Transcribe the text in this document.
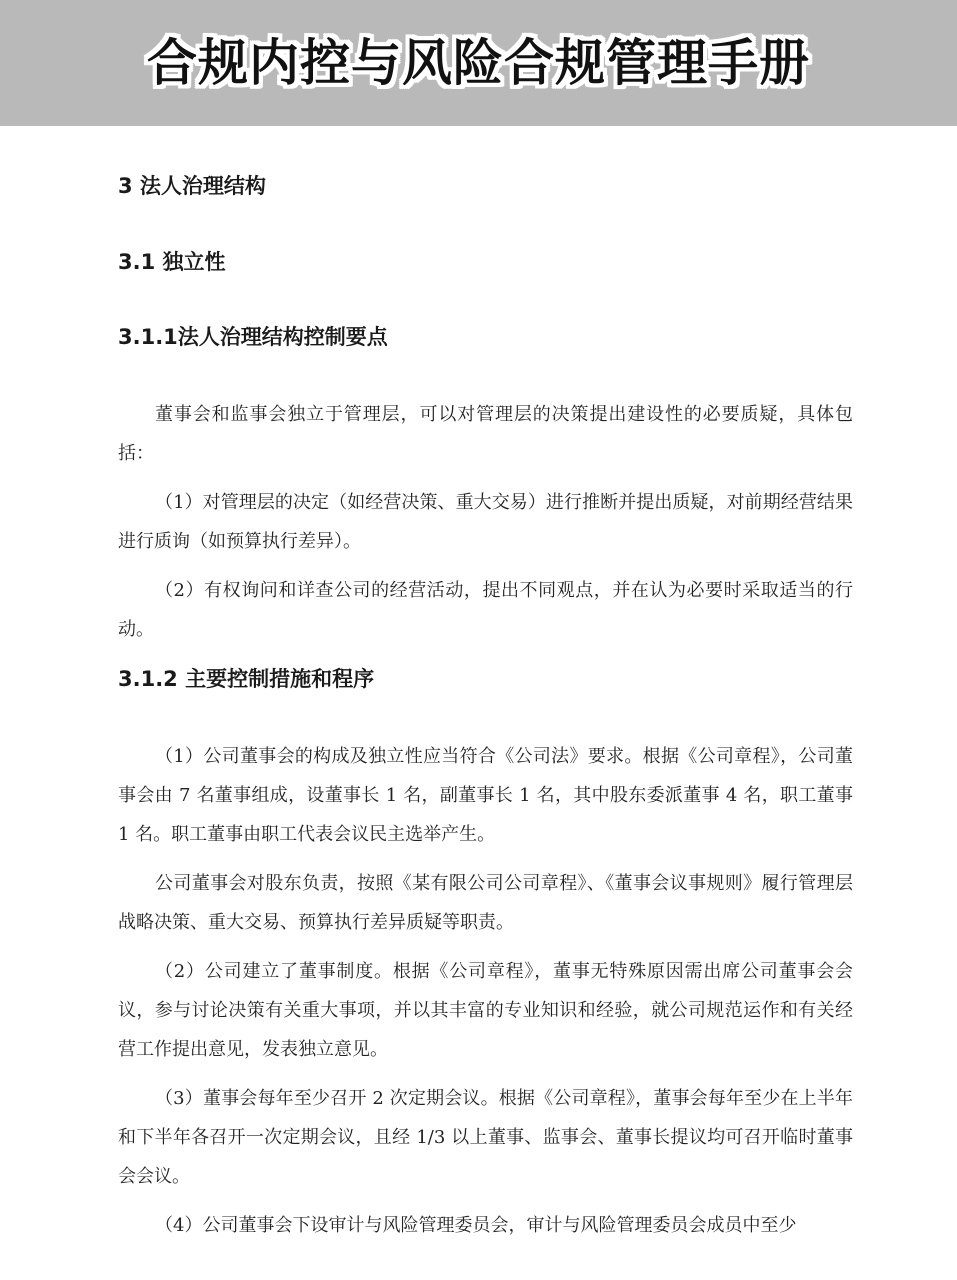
合规内控与风险合规管理手册
3 法人治理结构
3.1 独立性
3.1.1法人治理结构控制要点

董事会和监事会独立于管理层，可以对管理层的决策提出建设性的必要质疑，具体包括：

（1）对管理层的决定（如经营决策、重大交易）进行推断并提出质疑，对前期经营结果进行质询（如预算执行差异）。

（2）有权询问和详查公司的经营活动，提出不同观点，并在认为必要时采取适当的行动。

3.1.2 主要控制措施和程序

（1）公司董事会的构成及独立性应当符合《公司法》要求。根据《公司章程》，公司董事会由 7 名董事组成，设董事长 1 名，副董事长 1 名，其中股东委派董事 4 名，职工董事 1 名。职工董事由职工代表会议民主选举产生。

公司董事会对股东负责，按照《某有限公司公司章程》、《董事会议事规则》履行管理层战略决策、重大交易、预算执行差异质疑等职责。

（2）公司建立了董事制度。根据《公司章程》，董事无特殊原因需出席公司董事会会议，参与讨论决策有关重大事项，并以其丰富的专业知识和经验，就公司规范运作和有关经营工作提出意见，发表独立意见。

（3）董事会每年至少召开 2 次定期会议。根据《公司章程》，董事会每年至少在上半年和下半年各召开一次定期会议，且经 1/3 以上董事、监事会、董事长提议均可召开临时董事会会议。

（4）公司董事会下设审计与风险管理委员会，审计与风险管理委员会成员中至少
